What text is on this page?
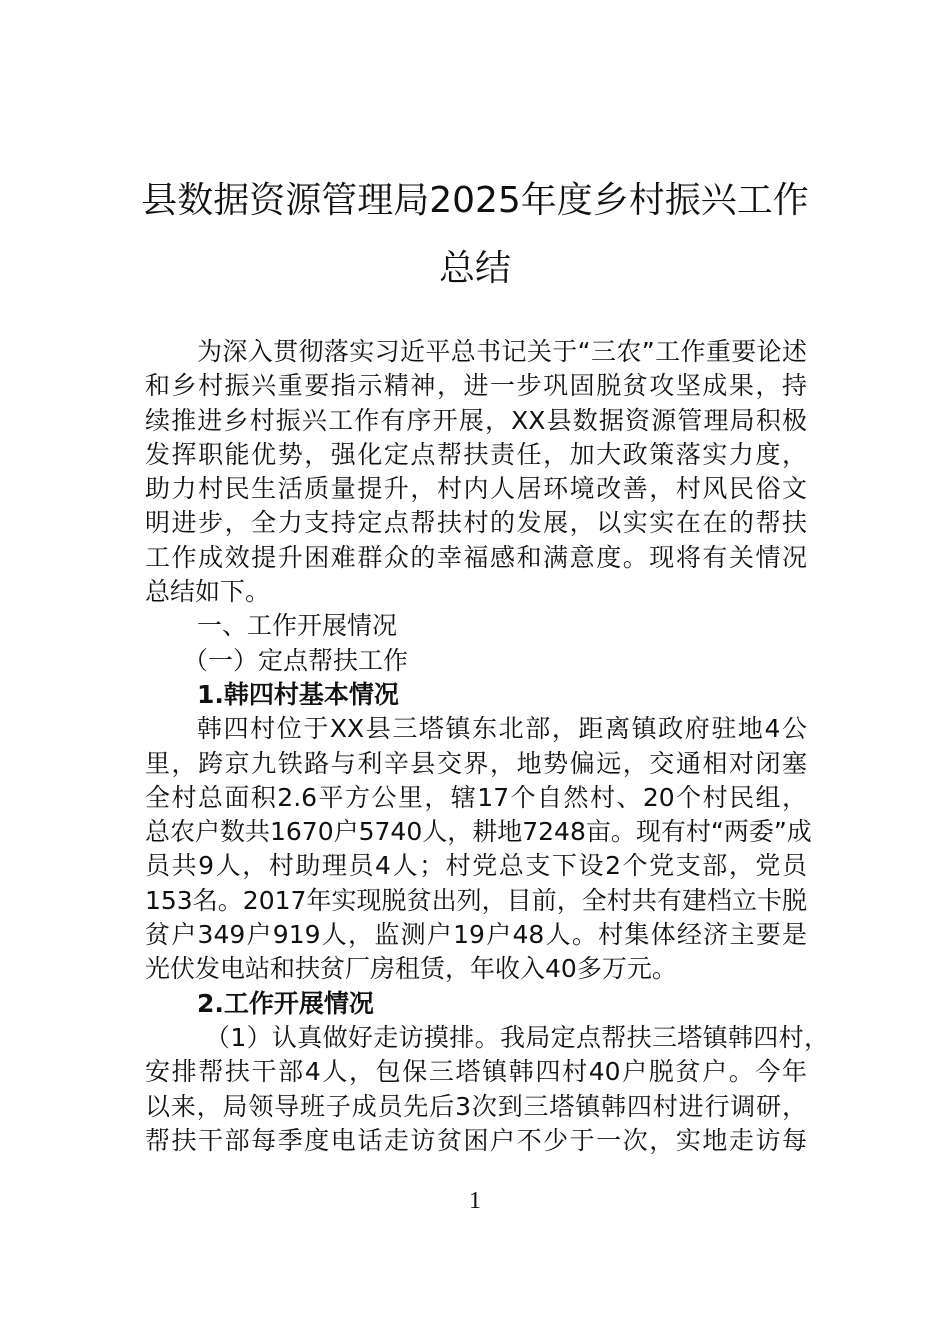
县数据资源管理局2025年度乡村振兴工作
总结
为深入贯彻落实习近平总书记关于“三农”工作重要论述
和乡村振兴重要指示精神，进一步巩固脱贫攻坚成果，持
续推进乡村振兴工作有序开展，XX县数据资源管理局积极
发挥职能优势，强化定点帮扶责任，加大政策落实力度，
助力村民生活质量提升，村内人居环境改善，村风民俗文
明进步，全力支持定点帮扶村的发展，以实实在在的帮扶
工作成效提升困难群众的幸福感和满意度。现将有关情况
总结如下。
一、工作开展情况
（一）定点帮扶工作
1.韩四村基本情况
韩四村位于XX县三塔镇东北部，距离镇政府驻地4公
里，跨京九铁路与利辛县交界，地势偏远，交通相对闭塞
全村总面积2.6平方公里，辖17个自然村、20个村民组，
总农户数共1670户5740人，耕地7248亩。现有村“两委”成
员共9人，村助理员4人；村党总支下设2个党支部，党员
153名。2017年实现脱贫出列，目前，全村共有建档立卡脱
贫户349户919人，监测户19户48人。村集体经济主要是
光伏发电站和扶贫厂房租赁，年收入40多万元。
2.工作开展情况
（1）认真做好走访摸排。我局定点帮扶三塔镇韩四村，
安排帮扶干部4人，包保三塔镇韩四村40户脱贫户。今年
以来，局领导班子成员先后3次到三塔镇韩四村进行调研，
帮扶干部每季度电话走访贫困户不少于一次，实地走访每
1
